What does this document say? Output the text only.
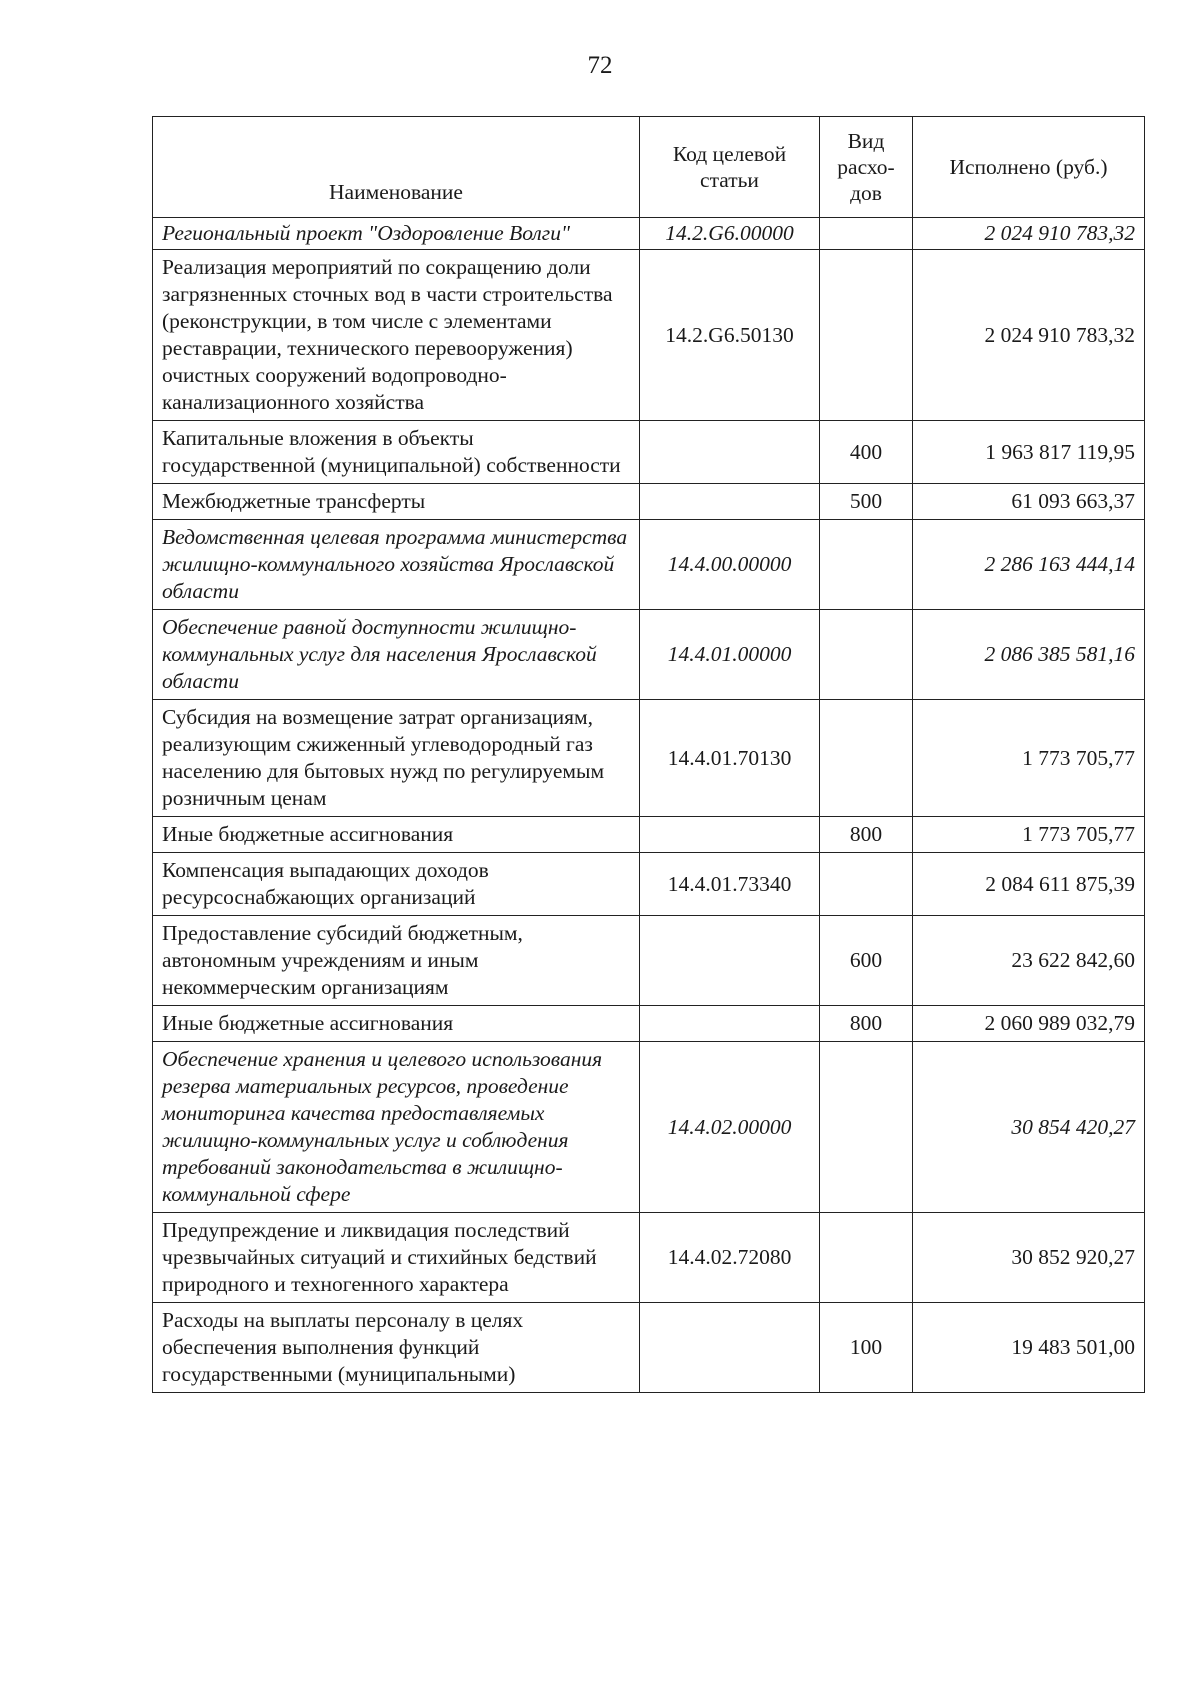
72
Наименование	Код целевой статьи	Вид расхо-дов	Исполнено (руб.)
Региональный проект "Оздоровление Волги"	14.2.G6.00000		2 024 910 783,32
Реализация мероприятий по сокращению доли загрязненных сточных вод в части строительства (реконструкции, в том числе с элементами реставрации, технического перевооружения) очистных сооружений водопроводно-канализационного хозяйства	14.2.G6.50130		2 024 910 783,32
Капитальные вложения в объекты государственной (муниципальной) собственности		400	1 963 817 119,95
Межбюджетные трансферты		500	61 093 663,37
Ведомственная целевая программа министерства жилищно-коммунального хозяйства Ярославской области	14.4.00.00000		2 286 163 444,14
Обеспечение равной доступности жилищно-коммунальных услуг для населения Ярославской области	14.4.01.00000		2 086 385 581,16
Субсидия на возмещение затрат организациям, реализующим сжиженный углеводородный газ населению для бытовых нужд по регулируемым розничным ценам	14.4.01.70130		1 773 705,77
Иные бюджетные ассигнования		800	1 773 705,77
Компенсация выпадающих доходов ресурсоснабжающих организаций	14.4.01.73340		2 084 611 875,39
Предоставление субсидий бюджетным, автономным учреждениям и иным некоммерческим организациям		600	23 622 842,60
Иные бюджетные ассигнования		800	2 060 989 032,79
Обеспечение хранения и целевого использования резерва материальных ресурсов, проведение мониторинга качества предоставляемых жилищно-коммунальных услуг и соблюдения требований законодательства в жилищно-коммунальной сфере	14.4.02.00000		30 854 420,27
Предупреждение и ликвидация последствий чрезвычайных ситуаций и стихийных бедствий природного и техногенного характера	14.4.02.72080		30 852 920,27
Расходы на выплаты персоналу в целях обеспечения выполнения функций государственными (муниципальными)		100	19 483 501,00
